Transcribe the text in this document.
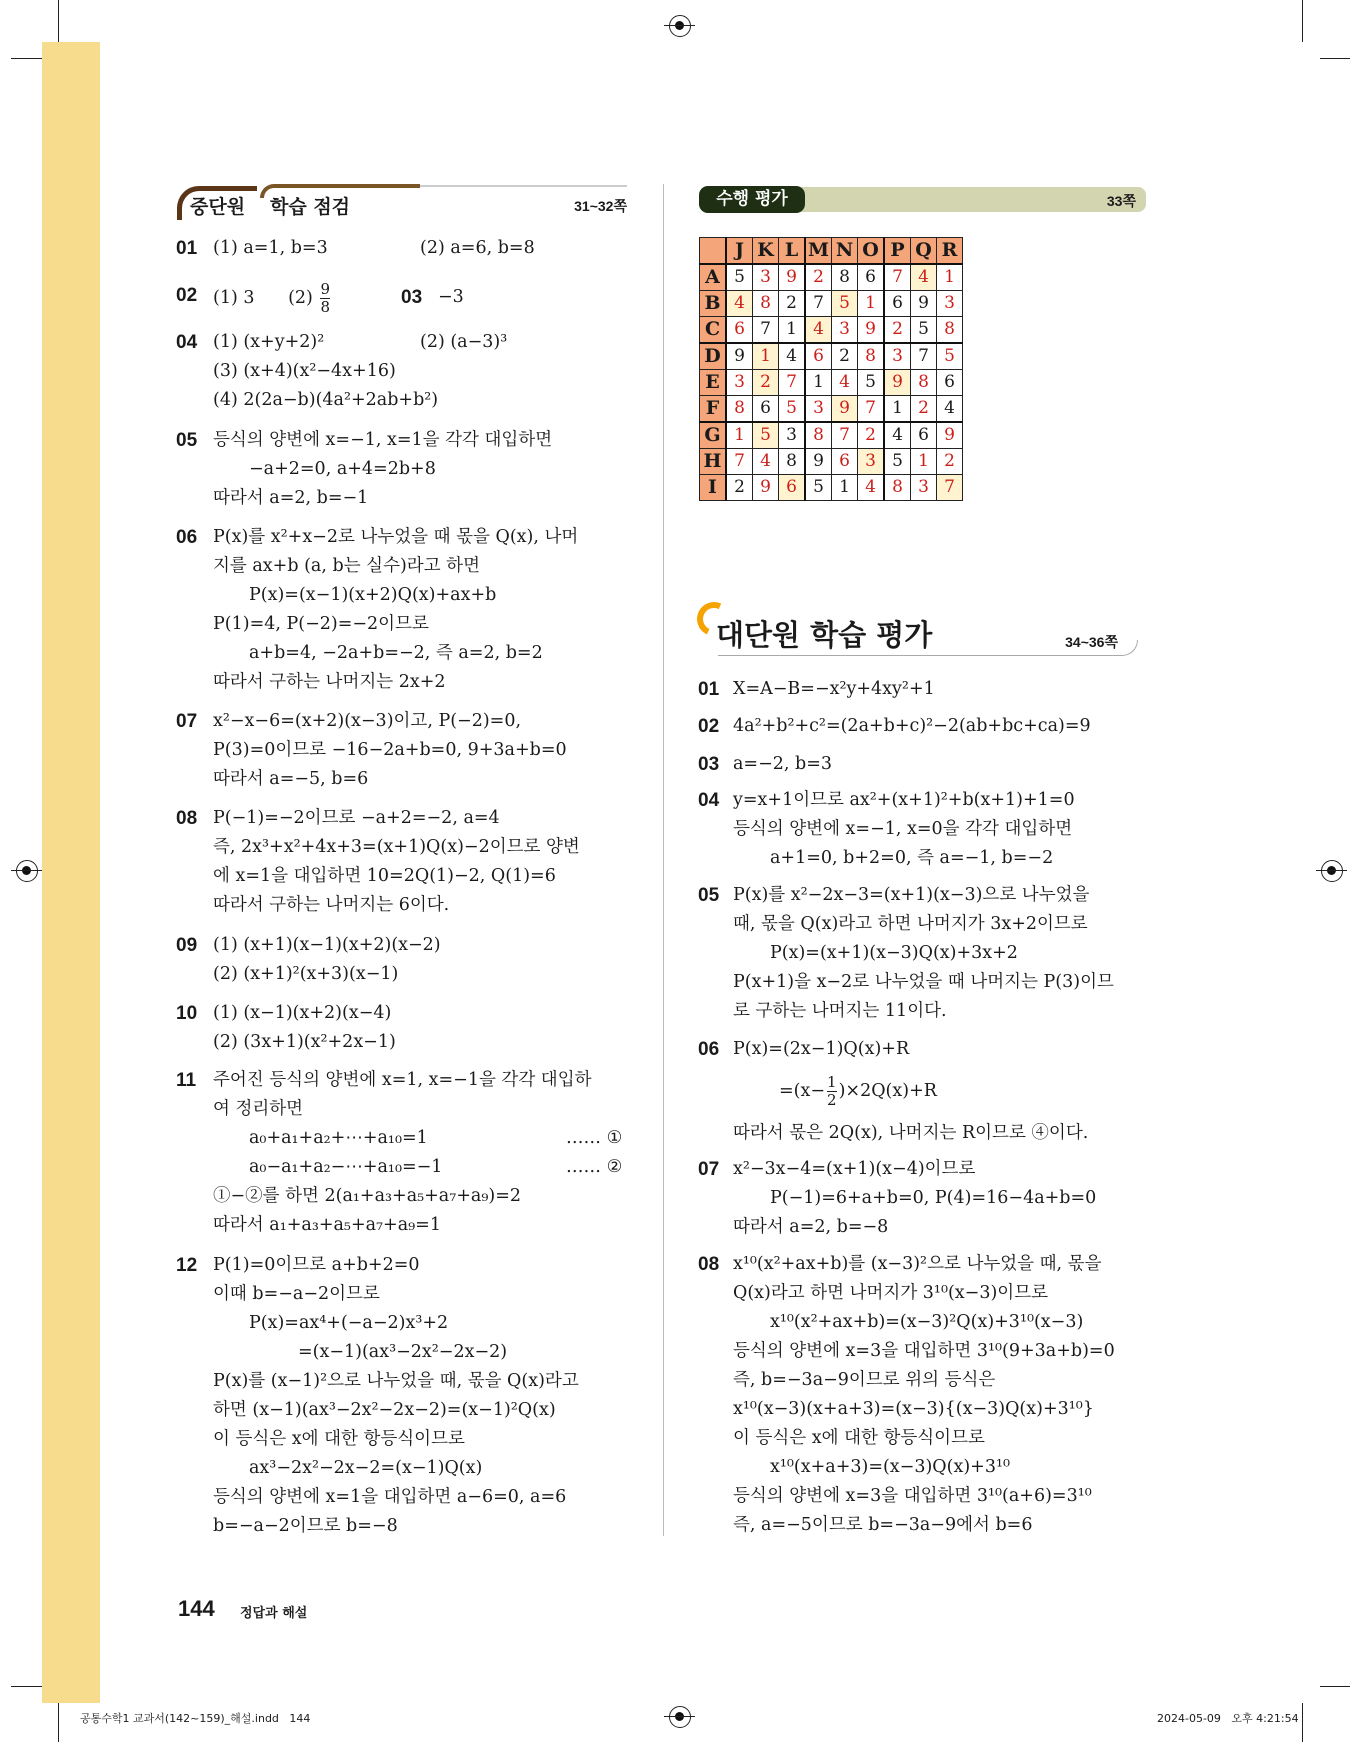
중단원 학습 점검	31~32쪽
02 (1) 3 $(2) \frac{9}{8}$	03 −3
01 (1) a=1, b=3	(2) a=6, b=8
04 (1) (x+y+2)²	(2) (a−3)³
(3) (x+4)(x²−4x+16)
(4) 2(2a−b)(4a²+2ab+b²)
05 등식의 양변에 x=−1, x=1을 각각 대입하면
−a+2=0, a+4=2b+8
따라서 a=2, b=−1
06 P(x)를 x²+x−2로 나누었을 때 몫을 Q(x), 나머
지를 ax+b (a, b는 실수)라고 하면
P(x)=(x−1)(x+2)Q(x)+ax+b
P(1)=4, P(−2)=−2이므로
a+b=4, −2a+b=−2, 즉 a=2, b=2
따라서 구하는 나머지는 2x+2
07 x²−x−6=(x+2)(x−3)이고, P(−2)=0,
P(3)=0이므로 −16−2a+b=0, 9+3a+b=0
따라서 a=−5, b=6
08 P(−1)=−2이므로 −a+2=−2, a=4
즉, 2x³+x²+4x+3=(x+1)Q(x)−2이므로 양변
에 x=1을 대입하면 10=2Q(1)−2, Q(1)=6
따라서 구하는 나머지는 6이다.
09 (1) (x+1)(x−1)(x+2)(x−2)
(2) (x+1)²(x+3)(x−1)
10 (1) (x−1)(x+2)(x−4)
(2) (3x+1)(x²+2x−1)
11 주어진 등식의 양변에 x=1, x=−1을 각각 대입하
여 정리하면
a₀+a₁+a₂+⋯+a₁₀=1	…… ①
a₀−a₁+a₂−⋯+a₁₀=−1	…… ②
①−②를 하면 2(a₁+a₃+a₅+a₇+a₉)=2
따라서 a₁+a₃+a₅+a₇+a₉=1
12 P(1)=0이므로 a+b+2=0
이때 b=−a−2이므로
P(x)=ax⁴+(−a−2)x³+2
=(x−1)(ax³−2x²−2x−2)
P(x)를 (x−1)²으로 나누었을 때, 몫을 Q(x)라고
하면 (x−1)(ax³−2x²−2x−2)=(x−1)²Q(x)
이 등식은 x에 대한 항등식이므로
ax³−2x²−2x−2=(x−1)Q(x)
등식의 양변에 x=1을 대입하면 a−6=0, a=6
b=−a−2이므로 b=−8
수행 평가	33쪽
	J	K	L	M	N	O	P	Q	R
A	5	3	9	2	8	6	7	4	1
B	4	8	2	7	5	1	6	9	3
C	6	7	1	4	3	9	2	5	8
D	9	1	4	6	2	8	3	7	5
E	3	2	7	1	4	5	9	8	6
F	8	6	5	3	9	7	1	2	4
G	1	5	3	8	7	2	4	6	9
H	7	4	8	9	6	3	5	1	2
I	2	9	6	5	1	4	8	3	7
대단원 학습 평가	34~36쪽
01 X=A−B=−x²y+4xy²+1
02 4a²+b²+c²=(2a+b+c)²−2(ab+bc+ca)=9
03 a=−2, b=3
04 y=x+1이므로 ax²+(x+1)²+b(x+1)+1=0
등식의 양변에 x=−1, x=0을 각각 대입하면
a+1=0, b+2=0, 즉 a=−1, b=−2
05 P(x)를 x²−2x−3=(x+1)(x−3)으로 나누었을
때, 몫을 Q(x)라고 하면 나머지가 3x+2이므로
P(x)=(x+1)(x−3)Q(x)+3x+2
P(x+1)을 x−2로 나누었을 때 나머지는 P(3)이므
로 구하는 나머지는 11이다.
06 P(x)=(2x−1)Q(x)+R
$=(x- \frac{1}{2} )\times 2Q(x)+R$
따라서 몫은 2Q(x), 나머지는 R이므로 ④이다.
07 x²−3x−4=(x+1)(x−4)이므로
P(−1)=6+a+b=0, P(4)=16−4a+b=0
따라서 a=2, b=−8
08 x¹⁰(x²+ax+b)를 (x−3)²으로 나누었을 때, 몫을
Q(x)라고 하면 나머지가 3¹⁰(x−3)이므로
x¹⁰(x²+ax+b)=(x−3)²Q(x)+3¹⁰(x−3)
등식의 양변에 x=3을 대입하면 3¹⁰(9+3a+b)=0
즉, b=−3a−9이므로 위의 등식은
x¹⁰(x−3)(x+a+3)=(x−3){(x−3)Q(x)+3¹⁰}
이 등식은 x에 대한 항등식이므로
x¹⁰(x+a+3)=(x−3)Q(x)+3¹⁰
등식의 양변에 x=3을 대입하면 3¹⁰(a+6)=3¹⁰
즉, a=−5이므로 b=−3a−9에서 b=6
144 정답과 해설
공통수학1 교과서(142~159)_해설.indd   144	2024-05-09   오후 4:21:54
